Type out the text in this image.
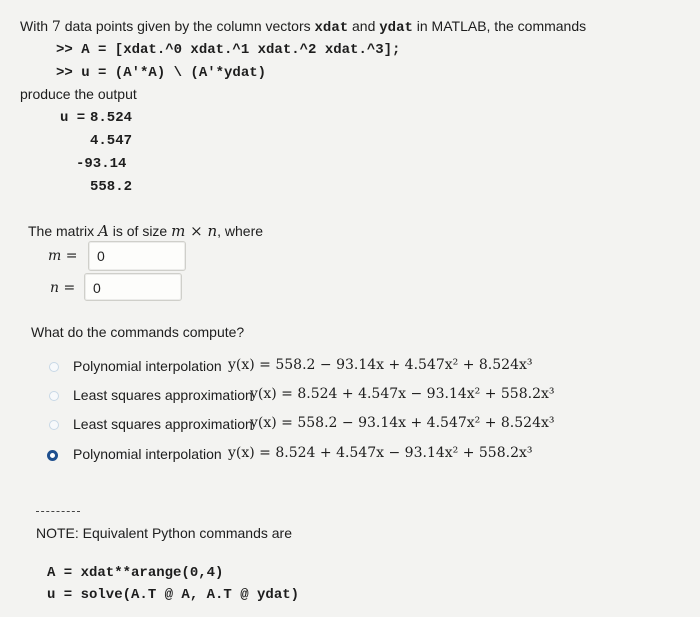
With 7 data points given by the column vectors xdat and ydat in MATLAB, the commands
>> A = [xdat.^0 xdat.^1 xdat.^2 xdat.^3];
>> u = (A'*A) \ (A'*ydat)
produce the output
u = 8.524
4.547
-93.14
558.2
The matrix A is of size m × n, where
m =	0
n =	0
What do the commands compute?
Polynomial interpolation y(x) = 558.2 − 93.14x + 4.547x² + 8.524x³
Least squares approximation
y(x) = 8.524 + 4.547x − 93.14x² + 558.2x³
Least squares approximation
y(x) = 558.2 − 93.14x + 4.547x² + 8.524x³
Polynomial interpolation y(x) = 8.524 + 4.547x − 93.14x² + 558.2x³
NOTE: Equivalent Python commands are
A = xdat**arange(0,4)
u = solve(A.T @ A, A.T @ ydat)
